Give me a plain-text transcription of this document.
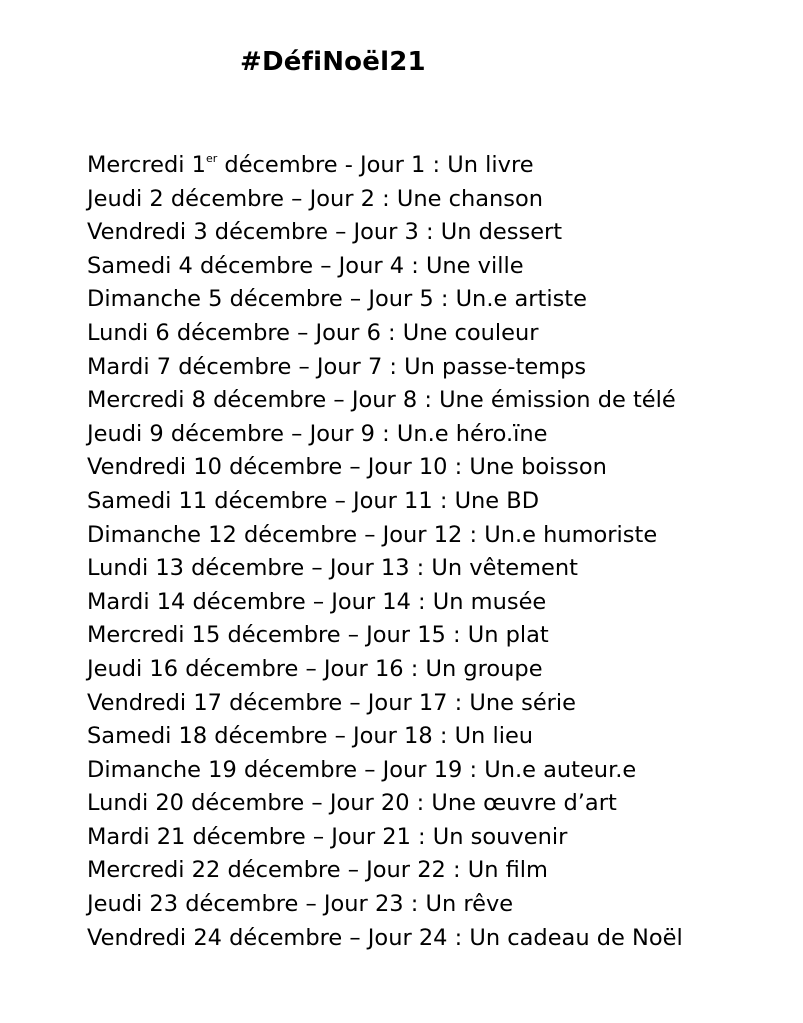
#DéfiNoël21
Mercredi 1er décembre - Jour 1 : Un livre
Jeudi 2 décembre – Jour 2 : Une chanson
Vendredi 3 décembre – Jour 3 : Un dessert
Samedi 4 décembre – Jour 4 : Une ville
Dimanche 5 décembre – Jour 5 : Un.e artiste
Lundi 6 décembre – Jour 6 : Une couleur
Mardi 7 décembre – Jour 7 : Un passe-temps
Mercredi 8 décembre – Jour 8 : Une émission de télé
Jeudi 9 décembre – Jour 9 : Un.e héro.ïne
Vendredi 10 décembre – Jour 10 : Une boisson
Samedi 11 décembre – Jour 11 : Une BD
Dimanche 12 décembre – Jour 12 : Un.e humoriste
Lundi 13 décembre – Jour 13 : Un vêtement
Mardi 14 décembre – Jour 14 : Un musée
Mercredi 15 décembre – Jour 15 : Un plat
Jeudi 16 décembre – Jour 16 : Un groupe
Vendredi 17 décembre – Jour 17 : Une série
Samedi 18 décembre – Jour 18 : Un lieu
Dimanche 19 décembre – Jour 19 : Un.e auteur.e
Lundi 20 décembre – Jour 20 : Une œuvre d’art
Mardi 21 décembre – Jour 21 : Un souvenir
Mercredi 22 décembre – Jour 22 : Un film
Jeudi 23 décembre – Jour 23 : Un rêve
Vendredi 24 décembre – Jour 24 : Un cadeau de Noël
